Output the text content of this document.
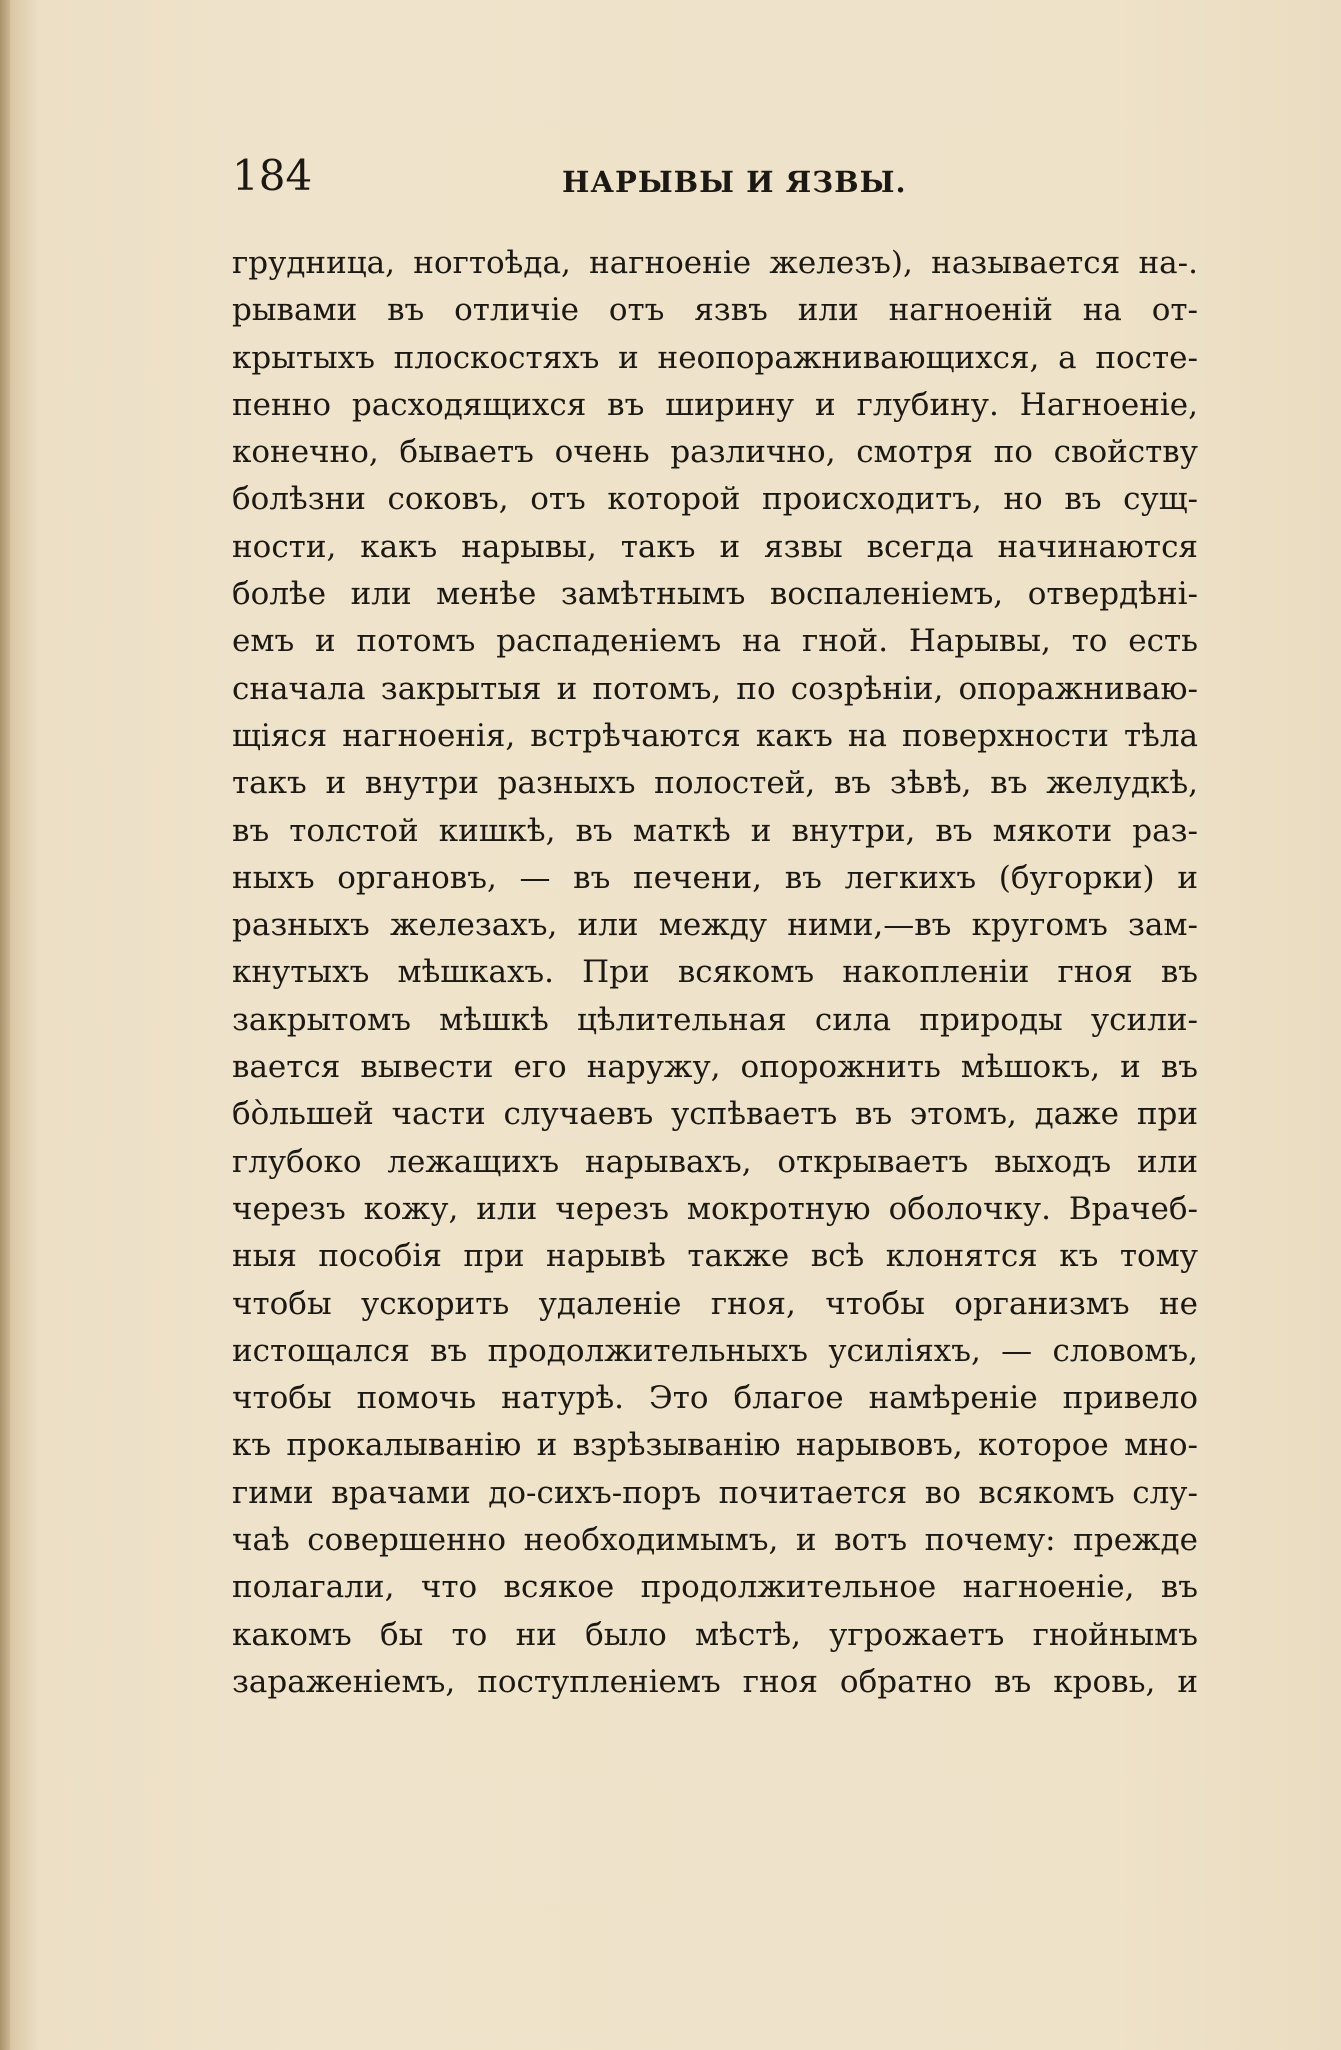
184	НАРЫВЫ И ЯЗВЫ.
грудница, ногтоѣда, нагноеніе железъ), называется на-.
рывами въ отличіе отъ язвъ или нагноеній на от-
крытыхъ плоскостяхъ и неопоражнивающихся, а посте-
пенно расходящихся въ ширину и глубину. Нагноеніе,
конечно, бываетъ очень различно, смотря по свойству
болѣзни соковъ, отъ которой происходитъ, но въ сущ-
ности, какъ нарывы, такъ и язвы всегда начинаются
болѣе или менѣе замѣтнымъ воспаленіемъ, отвердѣні-
емъ и потомъ распаденіемъ на гной. Нарывы, то есть
сначала закрытыя и потомъ, по созрѣніи, опоражниваю-
щіяся нагноенія, встрѣчаются какъ на поверхности тѣла
такъ и внутри разныхъ полостей, въ зѣвѣ, въ желудкѣ,
въ толстой кишкѣ, въ маткѣ и внутри, въ мякоти раз-
ныхъ органовъ, — въ печени, въ легкихъ (бугорки) и
разныхъ железахъ, или между ними,—въ кругомъ зам-
кнутыхъ мѣшкахъ. При всякомъ накопленіи гноя въ
закрытомъ мѣшкѣ цѣлительная сила природы усили-
вается вывести его наружу, опорожнить мѣшокъ, и въ
бо̀льшей части случаевъ успѣваетъ въ этомъ, даже при
глубоко лежащихъ нарывахъ, открываетъ выходъ или
черезъ кожу, или черезъ мокротную оболочку. Врачеб-
ныя пособія при нарывѣ также всѣ клонятся къ тому
чтобы ускорить удаленіе гноя, чтобы организмъ не
истощался въ продолжительныхъ усиліяхъ, — словомъ,
чтобы помочь натурѣ. Это благое намѣреніе привело
къ прокалыванію и взрѣзыванію нарывовъ, которое мно-
гими врачами до-сихъ-поръ почитается во всякомъ слу-
чаѣ совершенно необходимымъ, и вотъ почему: прежде
полагали, что всякое продолжительное нагноеніе, въ
какомъ бы то ни было мѣстѣ, угрожаетъ гнойнымъ
зараженіемъ, поступленіемъ гноя обратно въ кровь, и
